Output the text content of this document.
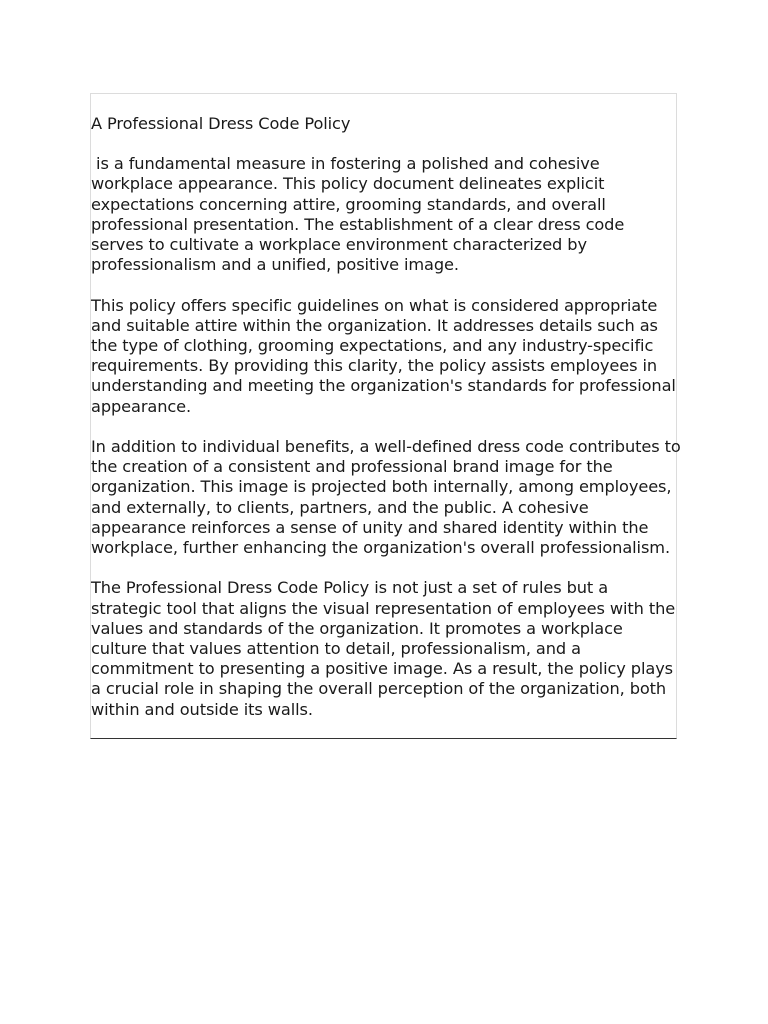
A Professional Dress Code Policy

is a fundamental measure in fostering a polished and cohesive workplace appearance. This policy document delineates explicit expectations concerning attire, grooming standards, and overall professional presentation. The establishment of a clear dress code serves to cultivate a workplace environment characterized by professionalism and a unified, positive image.

This policy offers specific guidelines on what is considered appropriate and suitable attire within the organization. It addresses details such as the type of clothing, grooming expectations, and any industry-specific requirements. By providing this clarity, the policy assists employees in understanding and meeting the organization's standards for professional appearance.

In addition to individual benefits, a well-defined dress code contributes to the creation of a consistent and professional brand image for the organization. This image is projected both internally, among employees, and externally, to clients, partners, and the public. A cohesive appearance reinforces a sense of unity and shared identity within the workplace, further enhancing the organization's overall professionalism.

The Professional Dress Code Policy is not just a set of rules but a strategic tool that aligns the visual representation of employees with the values and standards of the organization. It promotes a workplace culture that values attention to detail, professionalism, and a commitment to presenting a positive image. As a result, the policy plays a crucial role in shaping the overall perception of the organization, both within and outside its walls.
